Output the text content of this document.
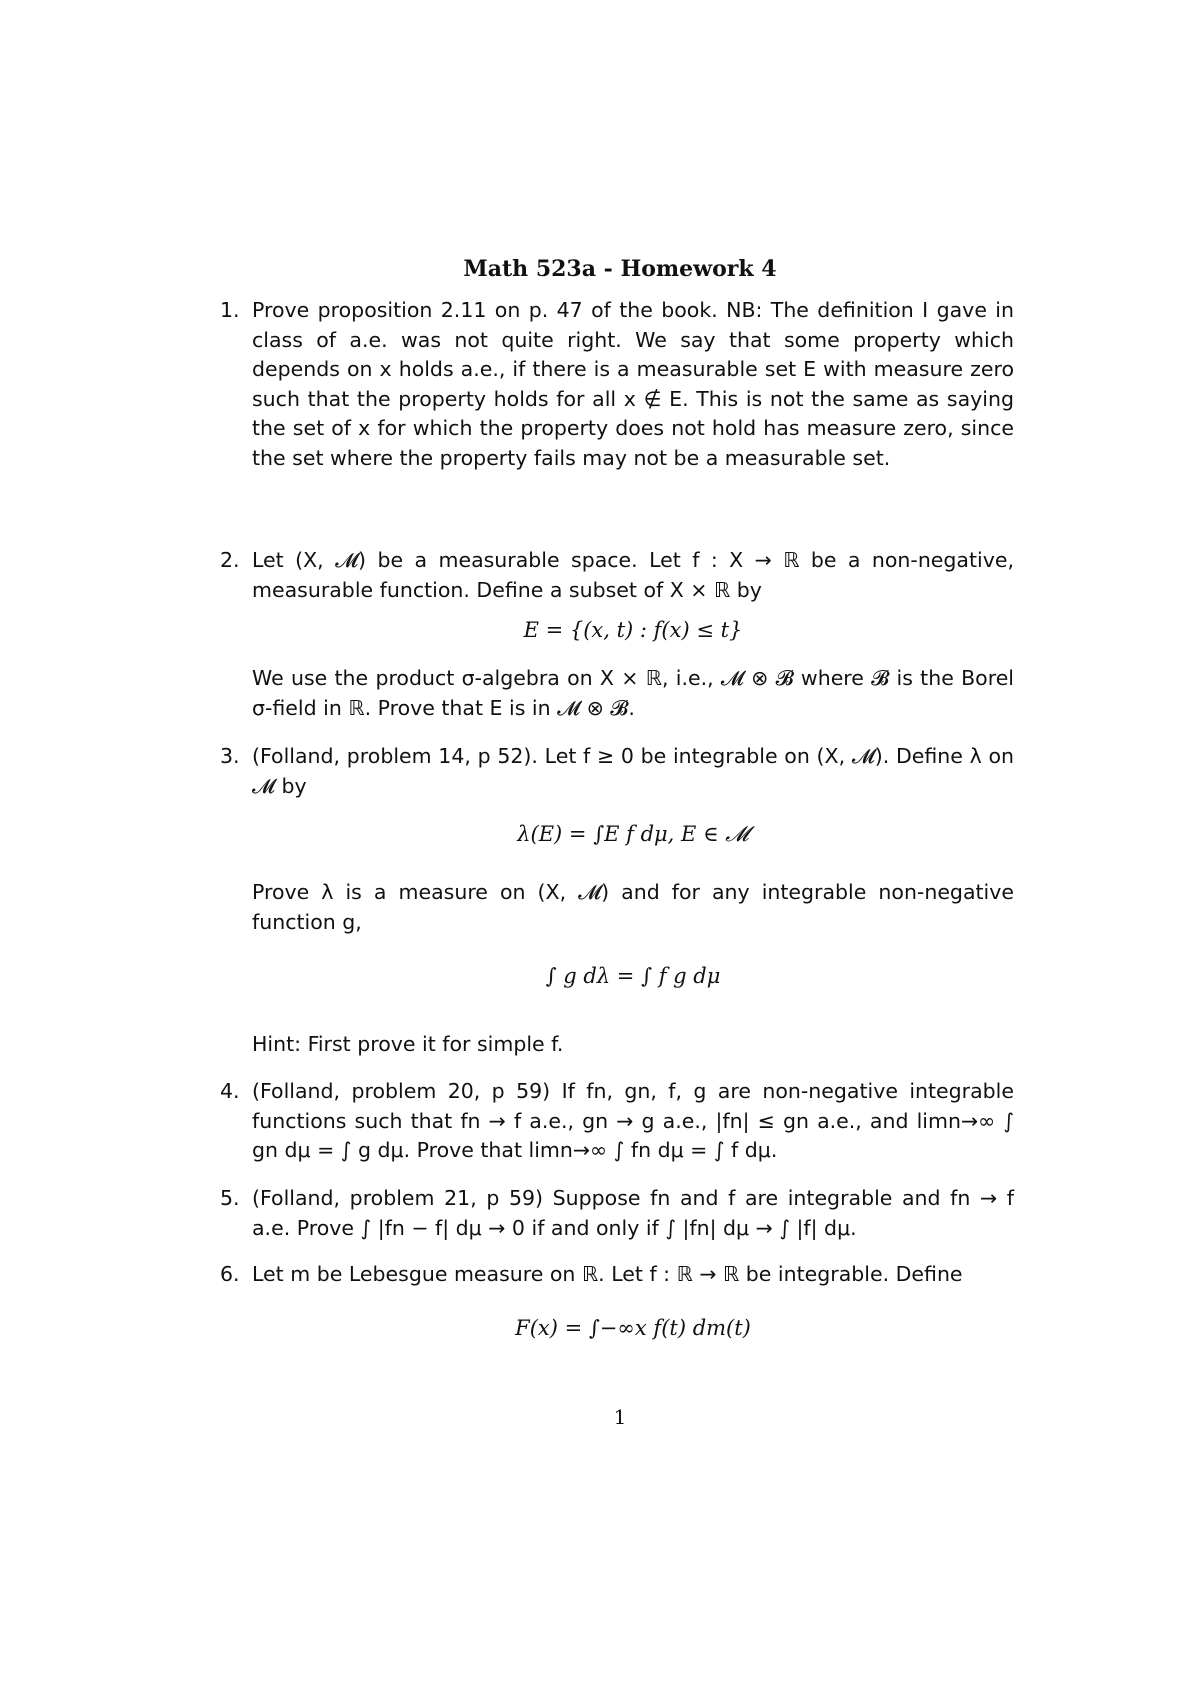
Math 523a - Homework 4
1. Prove proposition 2.11 on p. 47 of the book. NB: The definition I gave in class of a.e. was not quite right. We say that some property which depends on x holds a.e., if there is a measurable set E with measure zero such that the property holds for all x ∉ E. This is not the same as saying the set of x for which the property does not hold has measure zero, since the set where the property fails may not be a measurable set.

2. Let (X, 𝓜) be a measurable space. Let f : X → ℝ be a non-negative, measurable function. Define a subset of X × ℝ by

E = {(x, t) : f(x) ≤ t}

We use the product σ-algebra on X × ℝ, i.e., 𝓜 ⊗ 𝓑 where 𝓑 is the Borel σ-field in ℝ. Prove that E is in 𝓜 ⊗ 𝓑.

3. (Folland, problem 14, p 52). Let f ≥ 0 be integrable on (X, 𝓜). Define λ on 𝓜 by

λ(E) = ∫E f dμ, E ∈ 𝓜

Prove λ is a measure on (X, 𝓜) and for any integrable non-negative function g,

∫ g dλ = ∫ f g dμ

Hint: First prove it for simple f.

4. (Folland, problem 20, p 59) If fn, gn, f, g are non-negative integrable functions such that fn → f a.e., gn → g a.e., |fn| ≤ gn a.e., and limn→∞ ∫ gn dμ = ∫ g dμ. Prove that limn→∞ ∫ fn dμ = ∫ f dμ.

5. (Folland, problem 21, p 59) Suppose fn and f are integrable and fn → f a.e. Prove ∫ |fn − f| dμ → 0 if and only if ∫ |fn| dμ → ∫ |f| dμ.

6. Let m be Lebesgue measure on ℝ. Let f : ℝ → ℝ be integrable. Define

F(x) = ∫−∞x f(t) dm(t)
1
